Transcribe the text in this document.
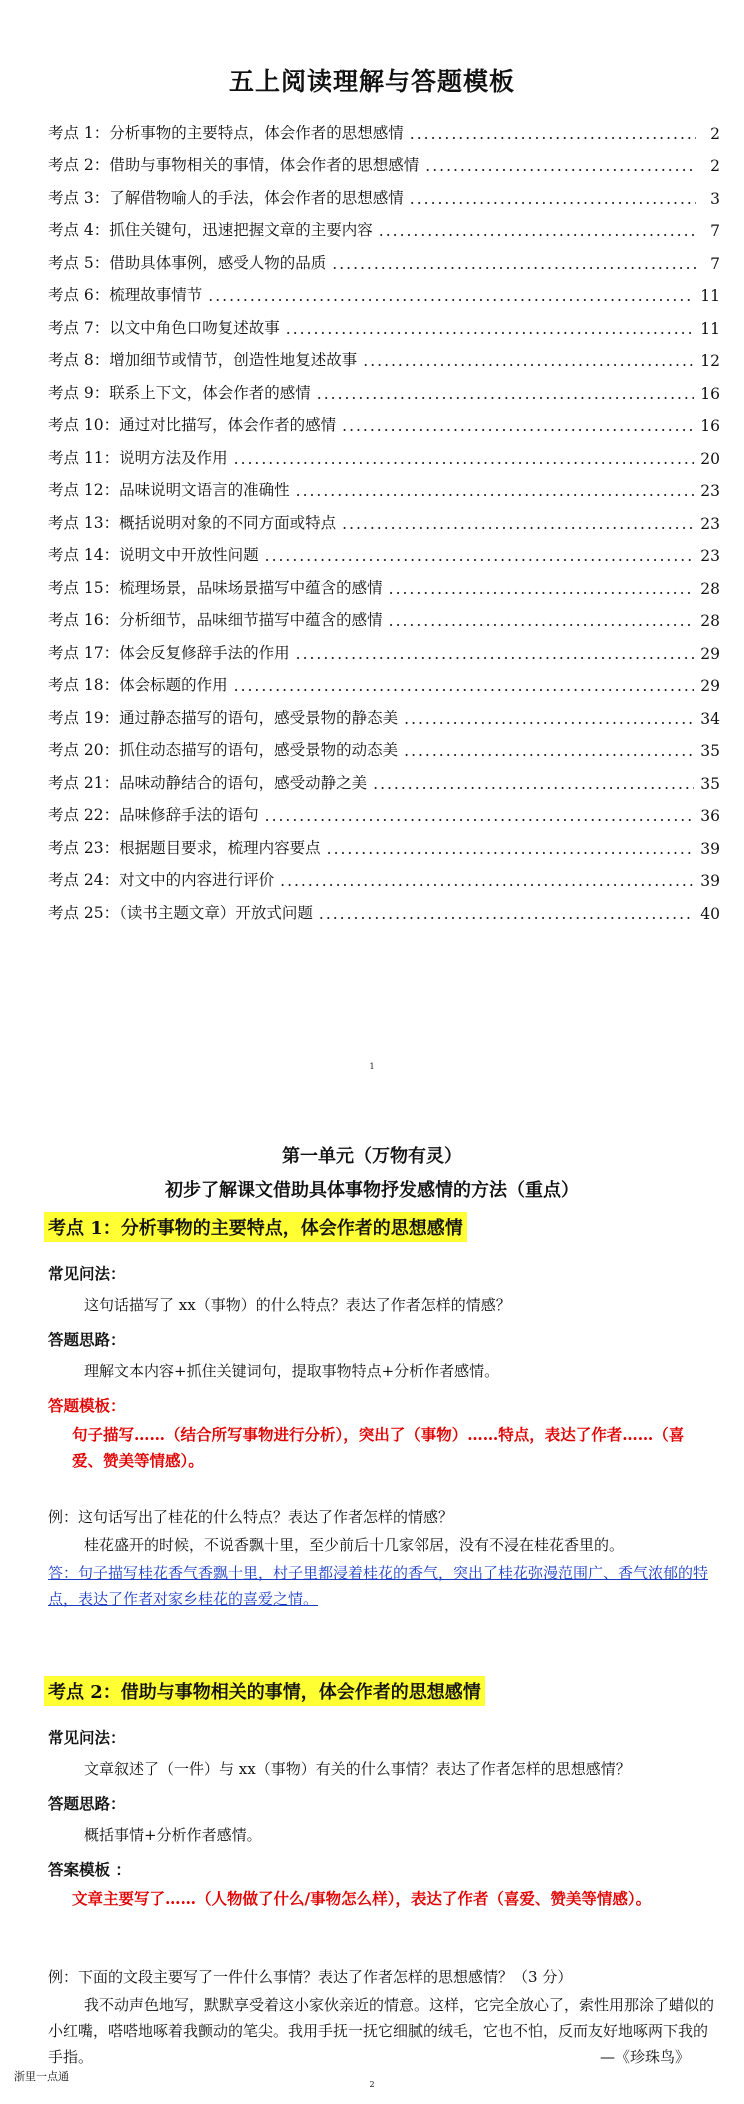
五上阅读理解与答题模板
考点 1：分析事物的主要特点，体会作者的思想感情 .....	2
考点 2：借助与事物相关的事情，体会作者的思想感情 .....	2
考点 3：了解借物喻人的手法，体会作者的思想感情 .....	3
考点 4：抓住关键句，迅速把握文章的主要内容 .....	7
考点 5：借助具体事例，感受人物的品质 .....	7
考点 6：梳理故事情节 .....	11
考点 7：以文中角色口吻复述故事 .....	11
考点 8：增加细节或情节，创造性地复述故事 .....	12
考点 9：联系上下文，体会作者的感情 .....	16
考点 10：通过对比描写，体会作者的感情 .....	16
考点 11：说明方法及作用 .....	20
考点 12：品味说明文语言的准确性 .....	23
考点 13：概括说明对象的不同方面或特点 .....	23
考点 14：说明文中开放性问题 .....	23
考点 15：梳理场景，品味场景描写中蕴含的感情 .....	28
考点 16：分析细节，品味细节描写中蕴含的感情 .....	28
考点 17：体会反复修辞手法的作用 .....	29
考点 18：体会标题的作用 .....	29
考点 19：通过静态描写的语句，感受景物的静态美 .....	34
考点 20：抓住动态描写的语句，感受景物的动态美 .....	35
考点 21：品味动静结合的语句，感受动静之美 .....	35
考点 22：品味修辞手法的语句 .....	36
考点 23：根据题目要求，梳理内容要点 .....	39
考点 24：对文中的内容进行评价 .....	39
考点 25：（读书主题文章）开放式问题 .....	40
1
第一单元（万物有灵）
初步了解课文借助具体事物抒发感情的方法（重点）
考点 1：分析事物的主要特点，体会作者的思想感情
常见问法：
这句话描写了 xx（事物）的什么特点？表达了作者怎样的情感？
答题思路：
理解文本内容+抓住关键词句，提取事物特点+分析作者感情。
答题模板：
句子描写……（结合所写事物进行分析），突出了（事物）……特点，表达了作者……（喜爱、赞美等情感）。
例：这句话写出了桂花的什么特点？表达了作者怎样的情感？
桂花盛开的时候，不说香飘十里，至少前后十几家邻居，没有不浸在桂花香里的。
答：句子描写桂花香气香飘十里，村子里都浸着桂花的香气，突出了桂花弥漫范围广、香气浓郁的特点，表达了作者对家乡桂花的喜爱之情。
考点 2：借助与事物相关的事情，体会作者的思想感情
常见问法：
文章叙述了（一件）与 xx（事物）有关的什么事情？表达了作者怎样的思想感情？
答题思路：
概括事情+分析作者感情。
答案模板 ：
文章主要写了……（人物做了什么/事物怎么样），表达了作者（喜爱、赞美等情感）。
例：下面的文段主要写了一件什么事情？表达了作者怎样的思想感情？（3 分）
我不动声色地写，默默享受着这小家伙亲近的情意。这样，它完全放心了，索性用那涂了蜡似的小红嘴，嗒嗒地啄着我颤动的笔尖。我用手抚一抚它细腻的绒毛，它也不怕，反而友好地啄两下我的手指。	—《珍珠鸟》
浙里一点通
2
